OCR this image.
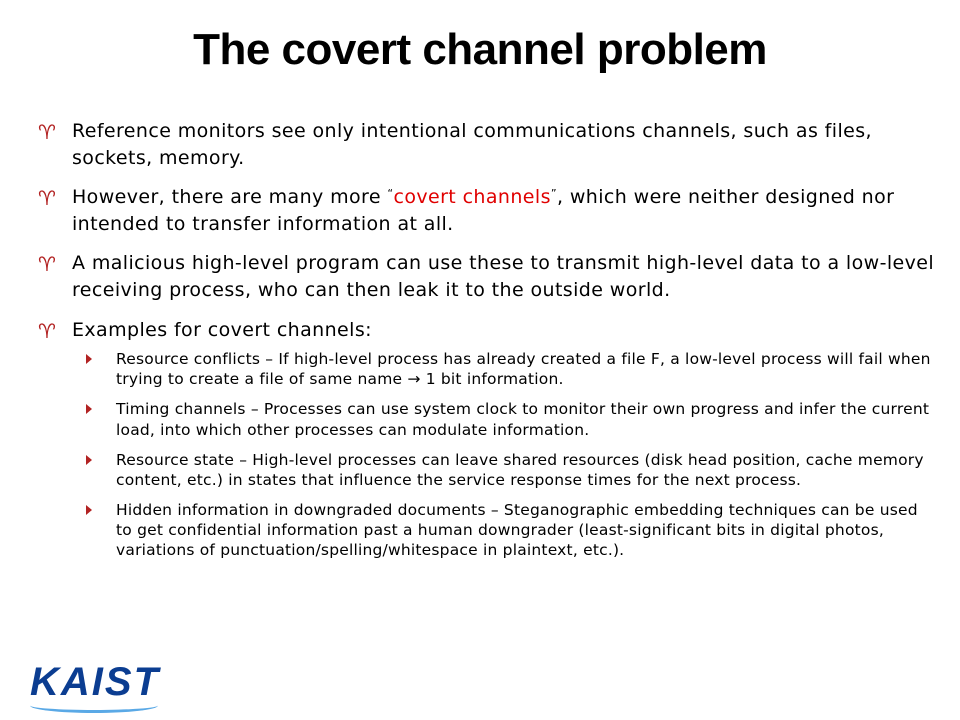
The covert channel problem
♈ Reference monitors see only intentional communications channels, such as files, sockets, memory.
♈ However, there are many more “covert channels”, which were neither designed nor intended to transfer information at all.
♈ A malicious high-level program can use these to transmit high-level data to a low-level receiving process, who can then leak it to the outside world.
♈ Examples for covert channels:
Resource conflicts – If high-level process has already created a file F, a low-level process will fail when trying to create a file of same name → 1 bit information.
Timing channels – Processes can use system clock to monitor their own progress and infer the current load, into which other processes can modulate information.
Resource state – High-level processes can leave shared resources (disk head position, cache memory content, etc.) in states that influence the service response times for the next process.
Hidden information in downgraded documents – Steganographic embedding techniques can be used to get confidential information past a human downgrader (least-significant bits in digital photos, variations of punctuation/spelling/whitespace in plaintext, etc.).
KAIST
